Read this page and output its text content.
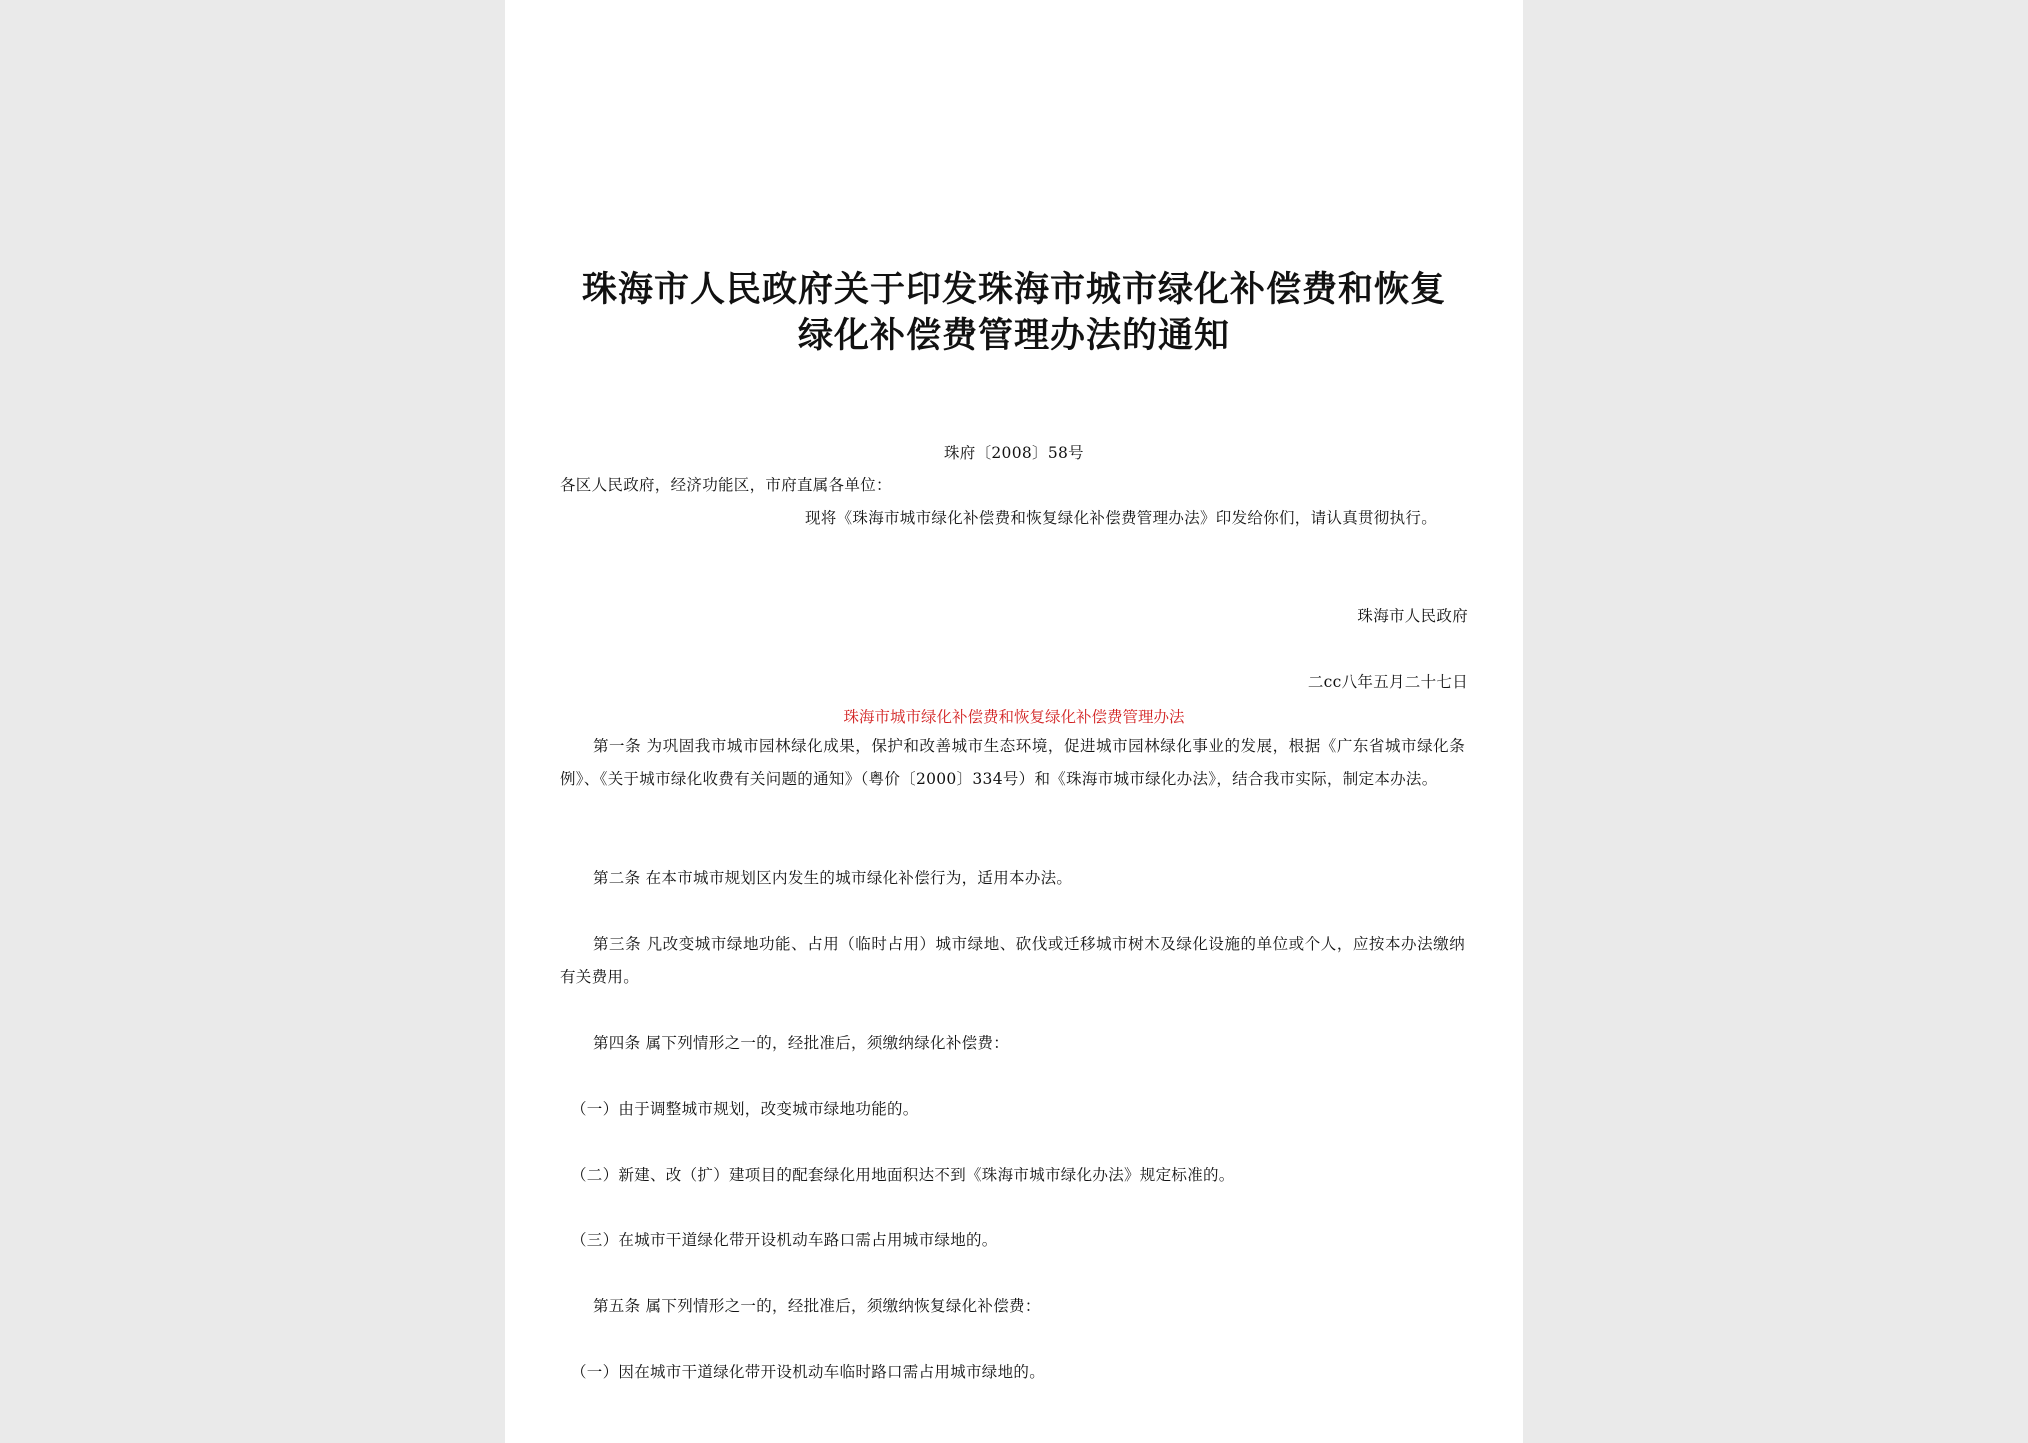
珠海市人民政府关于印发珠海市城市绿化补偿费和恢复
绿化补偿费管理办法的通知
珠府〔2008〕58号
各区人民政府，经济功能区，市府直属各单位：
现将《珠海市城市绿化补偿费和恢复绿化补偿费管理办法》印发给你们，请认真贯彻执行。
珠海市人民政府
二cc八年五月二十七日
珠海市城市绿化补偿费和恢复绿化补偿费管理办法
第一条 为巩固我市城市园林绿化成果，保护和改善城市生态环境，促进城市园林绿化事业的发展，根据《广东省城市绿化条例》、《关于城市绿化收费有关问题的通知》（粤价〔2000〕334号）和《珠海市城市绿化办法》，结合我市实际，制定本办法。
第二条 在本市城市规划区内发生的城市绿化补偿行为，适用本办法。
第三条 凡改变城市绿地功能、占用（临时占用）城市绿地、砍伐或迁移城市树木及绿化设施的单位或个人，应按本办法缴纳有关费用。
第四条 属下列情形之一的，经批准后，须缴纳绿化补偿费：
（一）由于调整城市规划，改变城市绿地功能的。
（二）新建、改（扩）建项目的配套绿化用地面积达不到《珠海市城市绿化办法》规定标准的。
（三）在城市干道绿化带开设机动车路口需占用城市绿地的。
第五条 属下列情形之一的，经批准后，须缴纳恢复绿化补偿费：
（一）因在城市干道绿化带开设机动车临时路口需占用城市绿地的。
